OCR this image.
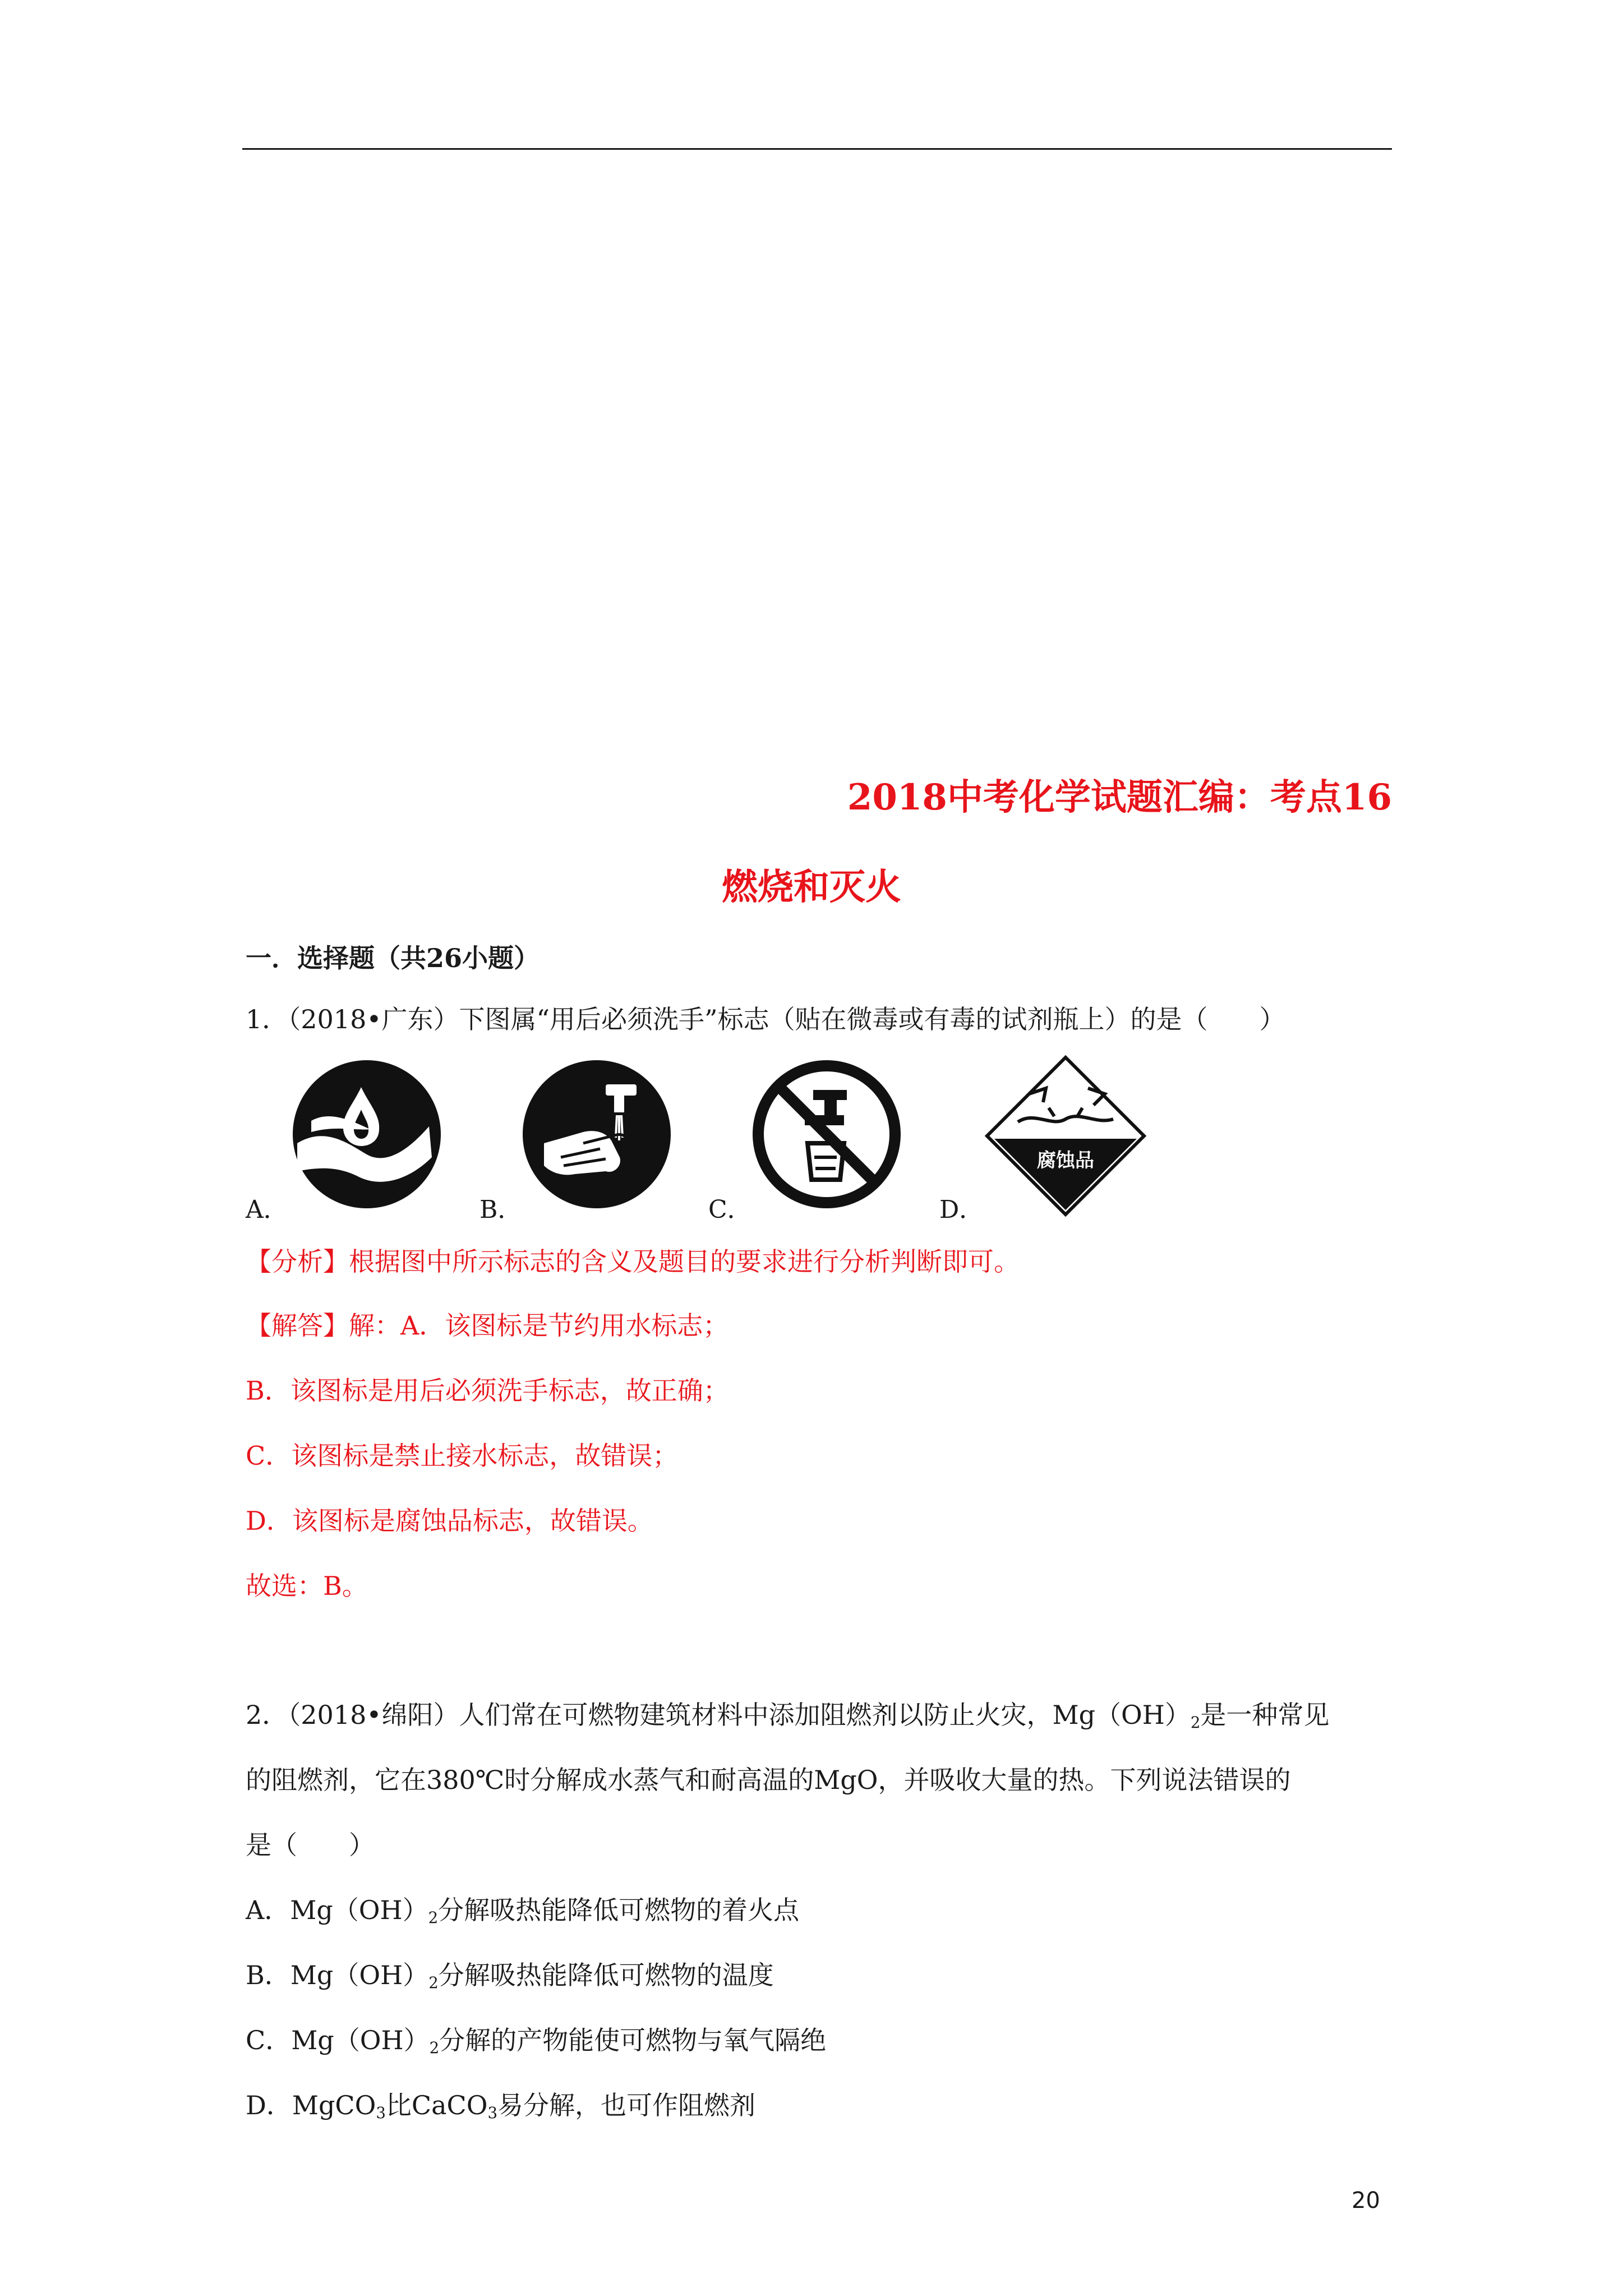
2018中考化学试题汇编：考点16
燃烧和灭火
一．选择题（共26小题）
1．（2018•广东）下图属“用后必须洗手”标志（贴在微毒或有毒的试剂瓶上）的是（　　）
腐蚀品
A．	B．	C．	D．
【分析】根据图中所示标志的含义及题目的要求进行分析判断即可。
【解答】解：A．该图标是节约用水标志；
B．该图标是用后必须洗手标志，故正确；
C．该图标是禁止接水标志，故错误；
D．该图标是腐蚀品标志，故错误。
故选：B。
2．（2018•绵阳）人们常在可燃物建筑材料中添加阻燃剂以防止火灾，$Mg(OH)_2$是一种常见
的阻燃剂，它在380℃时分解成水蒸气和耐高温的MgO，并吸收大量的热。下列说法错误的
是（　　）
A．$Mg(OH)_2$分解吸热能降低可燃物的着火点
B．$Mg(OH)_2$分解吸热能降低可燃物的温度
C．$Mg(OH)_2$分解的产物能使可燃物与氧气隔绝
D．MgCO$_3$比CaCO$_3$易分解，也可作阻燃剂
20
